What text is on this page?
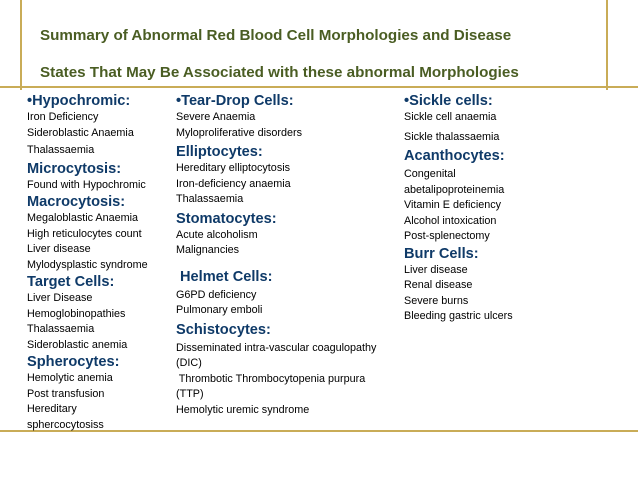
Summary of Abnormal Red Blood Cell Morphologies and Disease
States That May Be Associated with these abnormal Morphologies
•Hypochromic:
Iron Deficiency
Sideroblastic Anaemia
Thalassaemia
Microcytosis:
Found with Hypochromic
Macrocytosis:
Megaloblastic Anaemia
High reticulocytes count
Liver disease
Mylodysplastic syndrome
Target Cells:
Liver Disease
Hemoglobinopathies
Thalassaemia
Sideroblastic anemia
Spherocytes:
Hemolytic anemia
Post transfusion
Hereditary
sphercocytosiss
•Tear-Drop Cells:
Severe Anaemia
Myloproliferative disorders
Elliptocytes:
Hereditary elliptocytosis
Iron-deficiency anaemia
Thalassaemia
Stomatocytes:
Acute alcoholism
Malignancies
Helmet Cells:
G6PD deficiency
Pulmonary emboli
Schistocytes:
Disseminated intra-vascular coagulopathy
(DIC)
Thrombotic Thrombocytopenia purpura
(TTP)
Hemolytic uremic syndrome
•Sickle cells:
Sickle cell anaemia
Sickle thalassaemia
Acanthocytes:
Congenital
abetalipoproteinemia
Vitamin E deficiency
Alcohol intoxication
Post-splenectomy
Burr Cells:
Liver disease
Renal disease
Severe burns
Bleeding gastric ulcers
